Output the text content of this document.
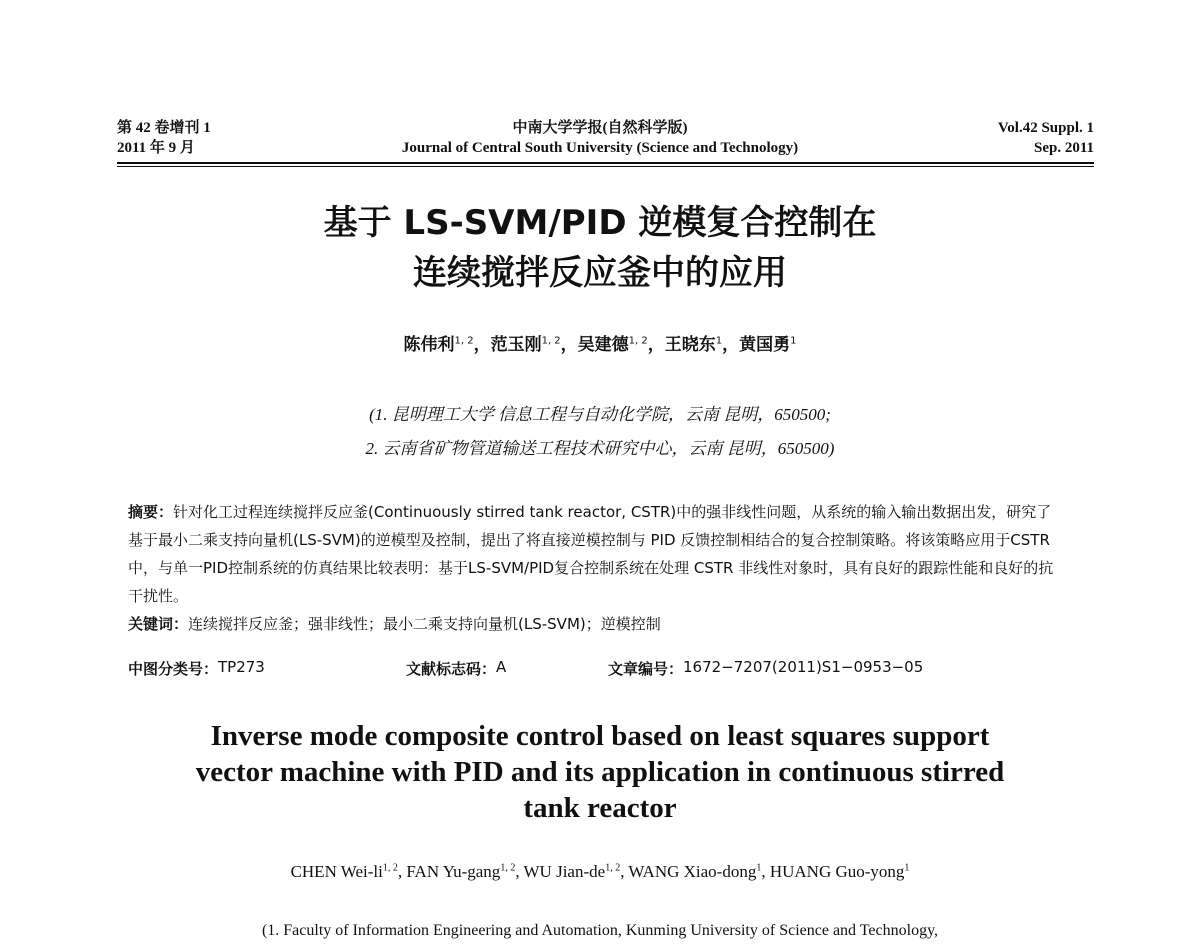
第 42 卷增刊 1
2011 年 9 月
中南大学学报(自然科学版)
Journal of Central South University (Science and Technology)
Vol.42 Suppl. 1
Sep. 2011
基于 LS-SVM/PID 逆模复合控制在
连续搅拌反应釜中的应用
陈伟利$^{1, 2}$，范玉刚$^{1, 2}$，吴建德$^{1, 2}$，王晓东$^1$，黄国勇$^1$
(1. 昆明理工大学 信息工程与自动化学院，云南 昆明，650500;
2. 云南省矿物管道输送工程技术研究中心，云南 昆明，650500)
摘要：针对化工过程连续搅拌反应釜(Continuously stirred tank reactor, CSTR)中的强非线性问题，从系统的输入输出数据出发，研究了基于最小二乘支持向量机(LS-SVM)的逆模型及控制，提出了将直接逆模控制与 PID 反馈控制相结合的复合控制策略。将该策略应用于CSTR 中，与单一PID控制系统的仿真结果比较表明：基于LS-SVM/PID复合控制系统在处理 CSTR 非线性对象时，具有良好的跟踪性能和良好的抗干扰性。
关键词：连续搅拌反应釜；强非线性；最小二乘支持向量机(LS-SVM)；逆模控制
中图分类号： TP273	文献标志码： A	文章编号： 1672−7207(2011)S1−0953−05
Inverse mode composite control based on least squares support
vector machine with PID and its application in continuous stirred
tank reactor
CHEN Wei-li$^{1, 2}$, FAN Yu-gang$^{1, 2}$, WU Jian-de$^{1, 2}$, WANG Xiao-dong$^1$, HUANG Guo-yong$^1$
(1. Faculty of Information Engineering and Automation, Kunming University of Science and Technology,
